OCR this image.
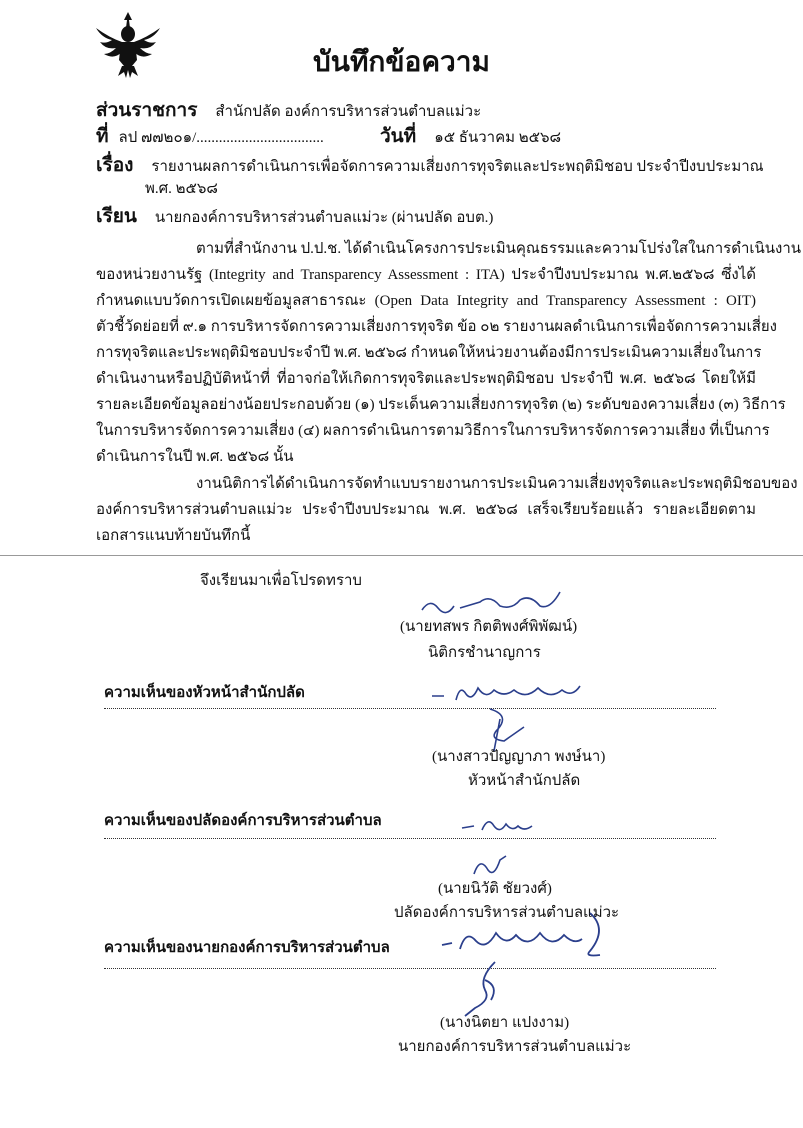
บันทึกข้อความ
ส่วนราชการ สำนักปลัด องค์การบริหารส่วนตำบลแม่วะ
ที่ ลป ๗๗๒๐๑/..................................	วันที่ ๑๕ ธันวาคม ๒๕๖๘
เรื่อง รายงานผลการดำเนินการเพื่อจัดการความเสี่ยงการทุจริตและประพฤติมิชอบ ประจำปีงบประมาณ
พ.ศ. ๒๕๖๘
เรียน นายกองค์การบริหารส่วนตำบลแม่วะ (ผ่านปลัด อบต.)
ตามที่สำนักงาน ป.ป.ช. ได้ดำเนินโครงการประเมินคุณธรรมและความโปร่งใสในการดำเนินงาน
ของหน่วยงานรัฐ (Integrity and Transparency Assessment : ITA) ประจำปีงบประมาณ พ.ศ.๒๕๖๘ ซึ่งได้
กำหนดแบบวัดการเปิดเผยข้อมูลสาธารณะ (Open Data Integrity and Transparency Assessment : OIT)
ตัวชี้วัดย่อยที่ ๙.๑ การบริหารจัดการความเสี่ยงการทุจริต ข้อ ๐๒ รายงานผลดำเนินการเพื่อจัดการความเสี่ยง
การทุจริตและประพฤติมิชอบประจำปี พ.ศ. ๒๕๖๘ กำหนดให้หน่วยงานต้องมีการประเมินความเสี่ยงในการ
ดำเนินงานหรือปฏิบัติหน้าที่ ที่อาจก่อให้เกิดการทุจริตและประพฤติมิชอบ ประจำปี พ.ศ. ๒๕๖๘ โดยให้มี
รายละเอียดข้อมูลอย่างน้อยประกอบด้วย (๑) ประเด็นความเสี่ยงการทุจริต (๒) ระดับของความเสี่ยง (๓) วิธีการ
ในการบริหารจัดการความเสี่ยง (๔) ผลการดำเนินการตามวิธีการในการบริหารจัดการความเสี่ยง ที่เป็นการ
ดำเนินการในปี พ.ศ. ๒๕๖๘ นั้น
งานนิติการได้ดำเนินการจัดทำแบบรายงานการประเมินความเสี่ยงทุจริตและประพฤติมิชอบของ
องค์การบริหารส่วนตำบลแม่วะ ประจำปีงบประมาณ พ.ศ. ๒๕๖๘ เสร็จเรียบร้อยแล้ว รายละเอียดตาม
เอกสารแนบท้ายบันทึกนี้
จึงเรียนมาเพื่อโปรดทราบ
(นายทสพร กิตติพงศ์พิพัฒน์)
นิติกรชำนาญการ
ความเห็นของหัวหน้าสำนักปลัด
(นางสาวปัญญาภา พงษ์นา)
หัวหน้าสำนักปลัด
ความเห็นของปลัดองค์การบริหารส่วนตำบล
(นายนิวัติ ชัยวงศ์)
ปลัดองค์การบริหารส่วนตำบลแม่วะ
ความเห็นของนายกองค์การบริหารส่วนตำบล
(นางนิตยา แปงงาม)
นายกองค์การบริหารส่วนตำบลแม่วะ
